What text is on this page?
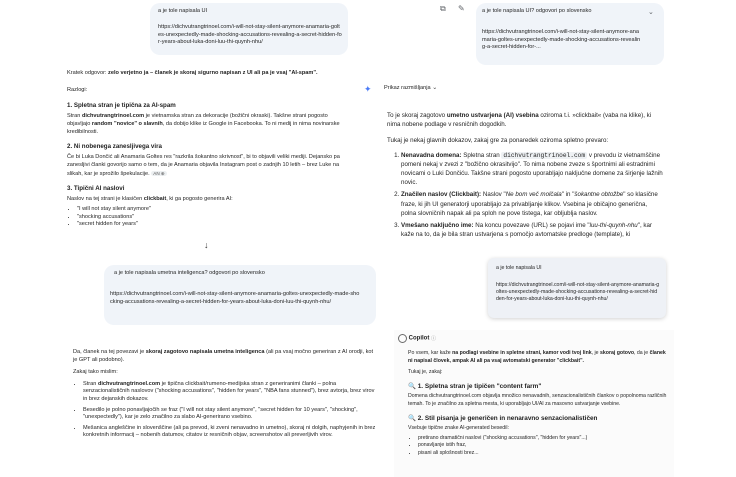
a je tole napisala UI
https://dichvutrangtrinoel.com/i-will-not-stay-silent-anymore-anamaria-goltes-unexpectedly-made-shocking-accusations-revealing-a-secret-hidden-for-years-about-luka-doni-luu-thi-quynh-nhu/
⧉ ✎	a je tole napisala UI? odgovori po slovensko
https://dichvutrangtrinoel.com/i-will-not-stay-silent-anymore-anamaria-goltes-unexpectedly-made-shocking-accusations-revealing-a-secret-hidden-for-...
⌄

Kratek odgovor: zelo verjetno ja – članek je skoraj sigurno napisan z UI ali pa je vsaj "AI-spam".

Razlogi:

1. Spletna stran je tipična za AI-spam

Stran dichvutrangtrinoel.com je vietnamska stran za dekoracije (božični okraski). Takšne strani pogosto objavljajo random "novice" o slavnih, da dobijo klike iz Google in Facebooka. To ni medij in nima novinarske kredibilnosti.

2. Ni nobenega zanesljivega vira

Če bi Luka Dončić ali Anamaria Goltes res "razkrila šokantno skrivnost", bi to objavili veliki mediji. Dejansko pa zanesljivi članki govorijo samo o tem, da je Anamaria objavila Instagram post o zadnjih 10 letih – brez Luke na slikah, kar je sprožilo špekulacije. AN ⊕

3. Tipični AI naslovi

Naslov na tej strani je klasičen clickbait, ki ga pogosto generira AI:

• "I will not stay silent anymore"
• "shocking accusations"
• "secret hidden for years"
↓
a je tole napisala umetna inteligenca? odgovori po slovensko
https://dichvutrangtrinoel.com/i-will-not-stay-silent-anymore-anamaria-goltes-unexpectedly-made-shocking-accusations-revealing-a-secret-hidden-for-years-about-luka-doni-luu-thi-quynh-nhu/

Da, članek na tej povezavi je skoraj zagotovo napisala umetna inteligenca (ali pa vsaj močno generiran z AI orodji, kot je GPT ali podobno).

Zakaj tako mislim:

• Stran dichvutrangtrinoel.com je tipična clickbait/rumeno-medijska stran z generiranimi članki – polna senzacionalističnih naslovov ("shocking accusations", "hidden for years", "NBA fans stunned"), brez avtorja, brez virov in brez dejanskih dokazov.
• Besedilo je polno ponavljajočih se fraz ("I will not stay silent anymore", "secret hidden for 10 years", "shocking", "unexpectedly"), kar je zelo značilno za slabo AI-generirano vsebino.
• Mešanica angleščine in slovenščine (ali pa prevod, ki zveni nenavadno in umetno), skoraj ni dolgih, naphyjenih in brez konkretnih informacij – nobenih datumov, citatov iz resničnih objav, screenshotov ali preverljivih virov.
✦ Prikaz razmišljanja ⌄

To je skoraj zagotovo umetno ustvarjena (AI) vsebina oziroma t.i. »clickbait« (vaba na klike), ki nima nobene podlage v resničnih dogodkih.

Tukaj je nekaj glavnih dokazov, zakaj gre za ponaredek oziroma spletno prevaro:

1. Nenavadna domena: Spletna stran dichvutrangtrinoel.com v prevodu iz vietnamščine pomeni nekaj v zvezi z "božično okrasitvijo". To nima nobene zveze s športnimi ali estradnimi novicami o Luki Dončiću. Takšne strani pogosto uporabljajo naključne domene za širjenje lažnih novic.
2. Značilen naslov (Clickbait): Naslov "Ne bom več molčala" in "šokantne obtožbe" so klasične fraze, ki jih UI generatorji uporabljajo za privabljanje klikov. Vsebina je običajno generična, polna slovničnih napak ali pa sploh ne pove tistega, kar obljublja naslov.
3. Vmešano naključno ime: Na koncu povezave (URL) se pojavi ime "luu-thi-quynh-nhu", kar kaže na to, da je bila stran ustvarjena s pomočjo avtomatske predloge (template), ki
a je tole napisala UI
https://dichvutrangtrinoel.com/i-will-not-stay-silent-anymore-anamaria-goltes-unexpectedly-made-shocking-accusations-revealing-a-secret-hidden-for-years-about-luka-doni-luu-thi-quynh-nhu/
Copilot ⓘ

Po vsem, kar kaže na podlagi vsebine in spletne strani, kamor vodi tvoj link, je skoraj gotovo, da je članek ni napisal človek, ampak AI ali pa vsaj avtomatski generator "clickbait".

Tukaj je, zakaj:

🔍 1. Spletna stran je tipičen "content farm"

Domena dichvutrangtrinoel.com objavlja množico nenavadnih, senzacionalističnih člankov o popolnoma različnih temah. To je značilno za spletna mesta, ki uporabljajo UI/AI za masovno ustvarjanje vsebine.

🔍 2. Stil pisanja je generičen in nenaravno senzacionalističen

Vsebuje tipične znake AI-generated besedil:

• pretirano dramatični naslovi ("shocking accusations", "hidden for years"...)
• ponavljanje istih fraz,
• pisani ali splošnosti brez...
